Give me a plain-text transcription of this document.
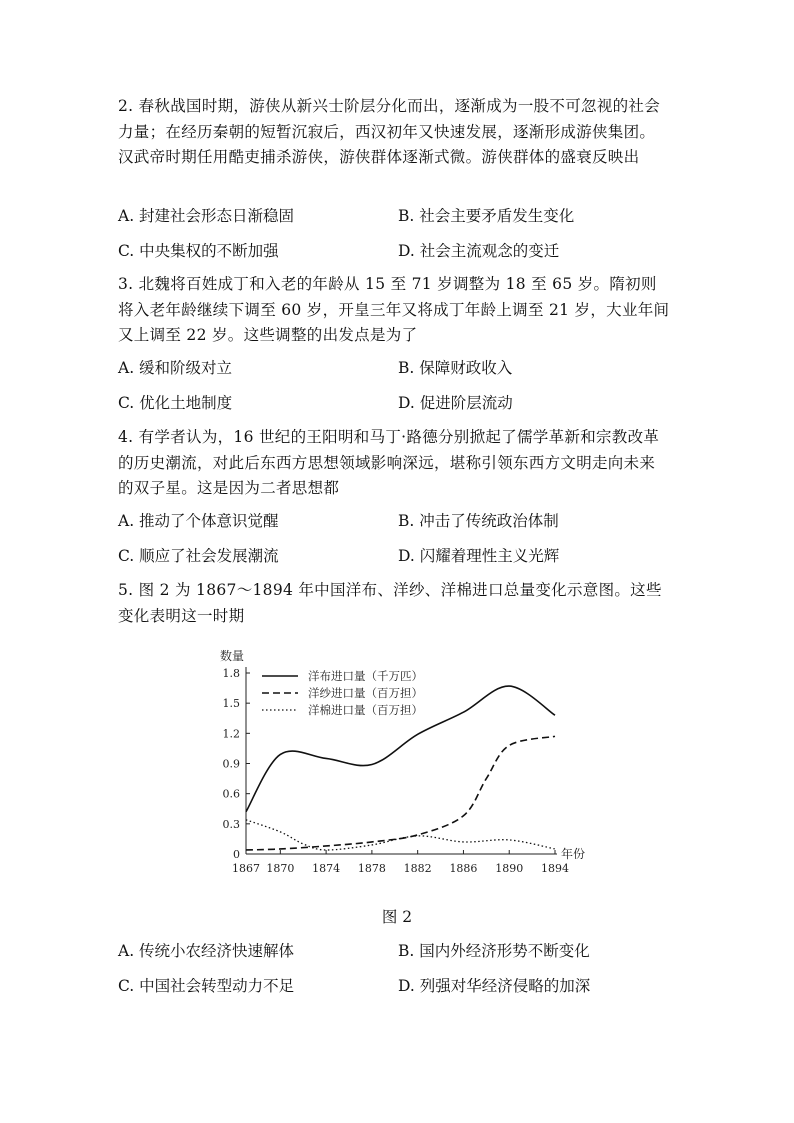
2. 春秋战国时期，游侠从新兴士阶层分化而出，逐渐成为一股不可忽视的社会力量；在经历秦朝的短暂沉寂后，西汉初年又快速发展，逐渐形成游侠集团。汉武帝时期任用酷吏捕杀游侠，游侠群体逐渐式微。游侠群体的盛衰反映出
A. 封建社会形态日渐稳固	B. 社会主要矛盾发生变化
C. 中央集权的不断加强	D. 社会主流观念的变迁
3. 北魏将百姓成丁和入老的年龄从 15 至 71 岁调整为 18 至 65 岁。隋初则将入老年龄继续下调至 60 岁，开皇三年又将成丁年龄上调至 21 岁，大业年间又上调至 22 岁。这些调整的出发点是为了
A. 缓和阶级对立	B. 保障财政收入
C. 优化土地制度	D. 促进阶层流动
4. 有学者认为，16 世纪的王阳明和马丁·路德分别掀起了儒学革新和宗教改革的历史潮流，对此后东西方思想领域影响深远，堪称引领东西方文明走向未来的双子星。这是因为二者思想都
A. 推动了个体意识觉醒	B. 冲击了传统政治体制
C. 顺应了社会发展潮流	D. 闪耀着理性主义光辉
5. 图 2 为 1867～1894 年中国洋布、洋纱、洋棉进口总量变化示意图。这些变化表明这一时期
数量
年份
0
0.3
0.6
0.9
1.2
1.5
1.8
1867 1870 1874 1878 1882 1886 1890 1894
洋布进口量（千万匹）
洋纱进口量（百万担）
洋棉进口量（百万担）
图 2
A. 传统小农经济快速解体	B. 国内外经济形势不断变化
C. 中国社会转型动力不足	D. 列强对华经济侵略的加深
